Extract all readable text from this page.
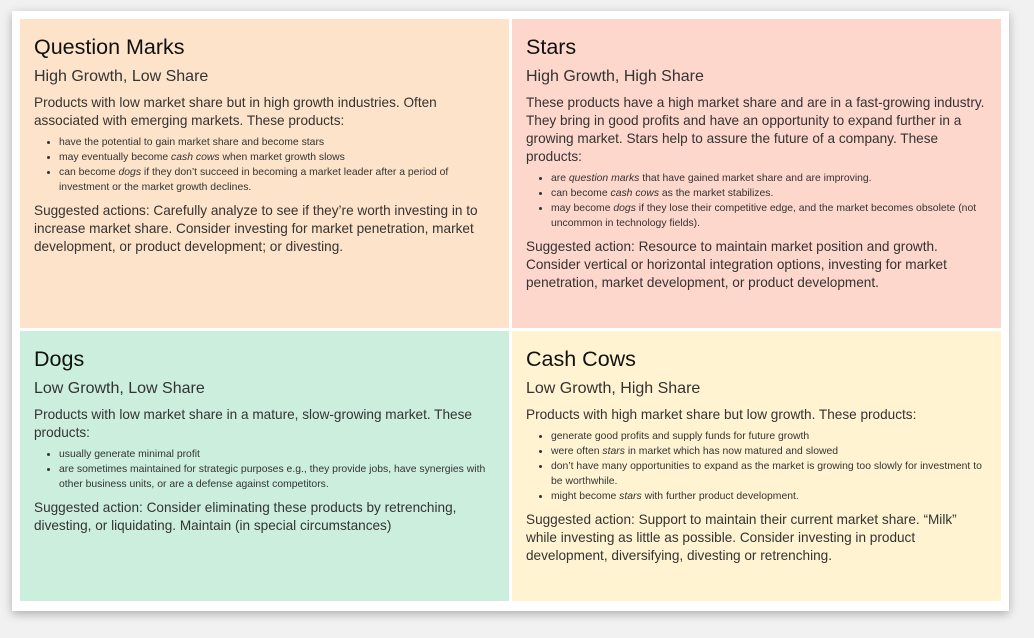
Question Marks
High Growth, Low Share

Products with low market share but in high growth industries. Often associated with emerging markets. These products:

• have the potential to gain market share and become stars
• may eventually become cash cows when market growth slows
• can become dogs if they don’t succeed in becoming a market leader after a period of investment or the market growth declines.

Suggested actions: Carefully analyze to see if they’re worth investing in to increase market share. Consider investing for market penetration, market development, or product development; or divesting.

Stars
High Growth, High Share

These products have a high market share and are in a fast-growing industry. They bring in good profits and have an opportunity to expand further in a growing market. Stars help to assure the future of a company. These products:

• are question marks that have gained market share and are improving.
• can become cash cows as the market stabilizes.
• may become dogs if they lose their competitive edge, and the market becomes obsolete (not uncommon in technology fields).

Suggested action: Resource to maintain market position and growth. Consider vertical or horizontal integration options, investing for market penetration, market development, or product development.

Dogs
Low Growth, Low Share

Products with low market share in a mature, slow-growing market. These products:

• usually generate minimal profit
• are sometimes maintained for strategic purposes e.g., they provide jobs, have synergies with other business units, or are a defense against competitors.

Suggested action: Consider eliminating these products by retrenching, divesting, or liquidating. Maintain (in special circumstances)

Cash Cows
Low Growth, High Share

Products with high market share but low growth. These products:

• generate good profits and supply funds for future growth
• were often stars in market which has now matured and slowed
• don’t have many opportunities to expand as the market is growing too slowly for investment to be worthwhile.
• might become stars with further product development.

Suggested action: Support to maintain their current market share. “Milk” while investing as little as possible. Consider investing in product development, diversifying, divesting or retrenching.
